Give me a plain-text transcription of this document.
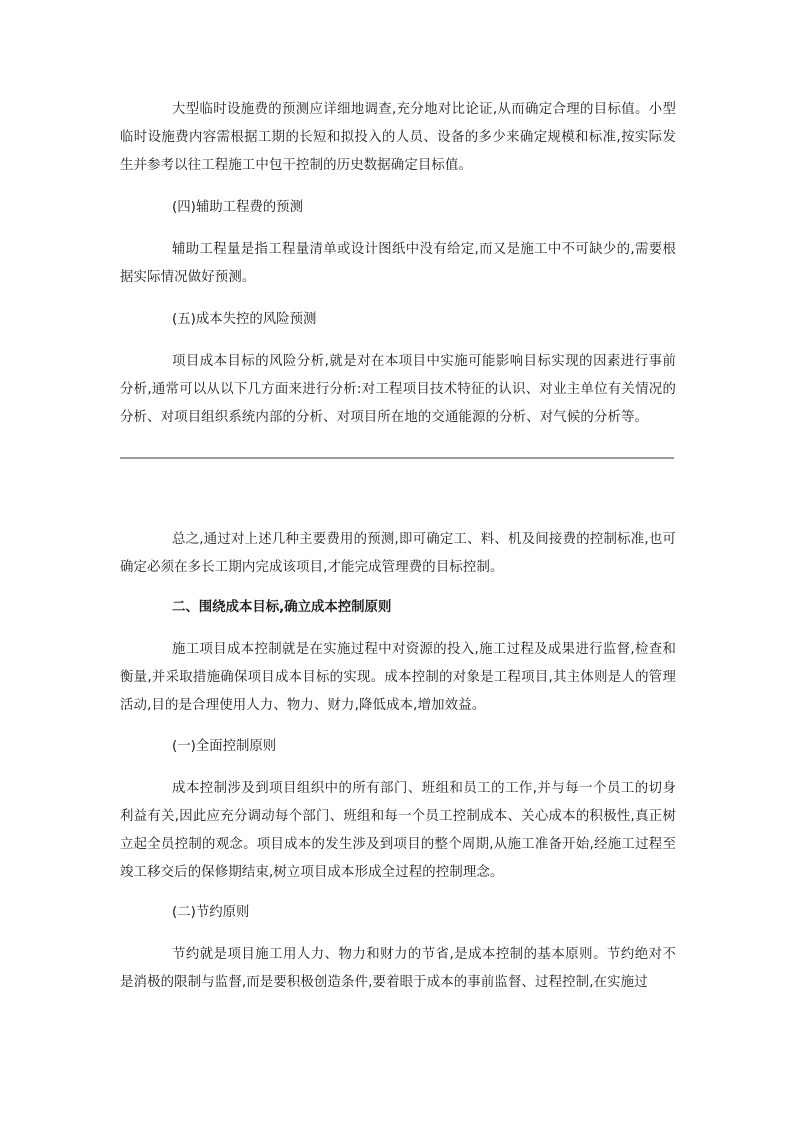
大型临时设施费的预测应详细地调查,充分地对比论证,从而确定合理的目标值。小型临时设施费内容需根据工期的长短和拟投入的人员、设备的多少来确定规模和标准,按实际发生并参考以往工程施工中包干控制的历史数据确定目标值。

(四)辅助工程费的预测

辅助工程量是指工程量清单或设计图纸中没有给定,而又是施工中不可缺少的,需要根据实际情况做好预测。

(五)成本失控的风险预测

项目成本目标的风险分析,就是对在本项目中实施可能影响目标实现的因素进行事前分析,通常可以从以下几方面来进行分析:对工程项目技术特征的认识、对业主单位有关情况的分析、对项目组织系统内部的分析、对项目所在地的交通能源的分析、对气候的分析等。

总之,通过对上述几种主要费用的预测,即可确定工、料、机及间接费的控制标准,也可确定必须在多长工期内完成该项目,才能完成管理费的目标控制。

二、围绕成本目标,确立成本控制原则

施工项目成本控制就是在实施过程中对资源的投入,施工过程及成果进行监督,检查和衡量,并采取措施确保项目成本目标的实现。成本控制的对象是工程项目,其主体则是人的管理活动,目的是合理使用人力、物力、财力,降低成本,增加效益。

(一)全面控制原则

成本控制涉及到项目组织中的所有部门、班组和员工的工作,并与每一个员工的切身利益有关,因此应充分调动每个部门、班组和每一个员工控制成本、关心成本的积极性,真正树立起全员控制的观念。项目成本的发生涉及到项目的整个周期,从施工准备开始,经施工过程至竣工移交后的保修期结束,树立项目成本形成全过程的控制理念。

(二)节约原则

节约就是项目施工用人力、物力和财力的节省,是成本控制的基本原则。节约绝对不是消极的限制与监督,而是要积极创造条件,要着眼于成本的事前监督、过程控制,在实施过
